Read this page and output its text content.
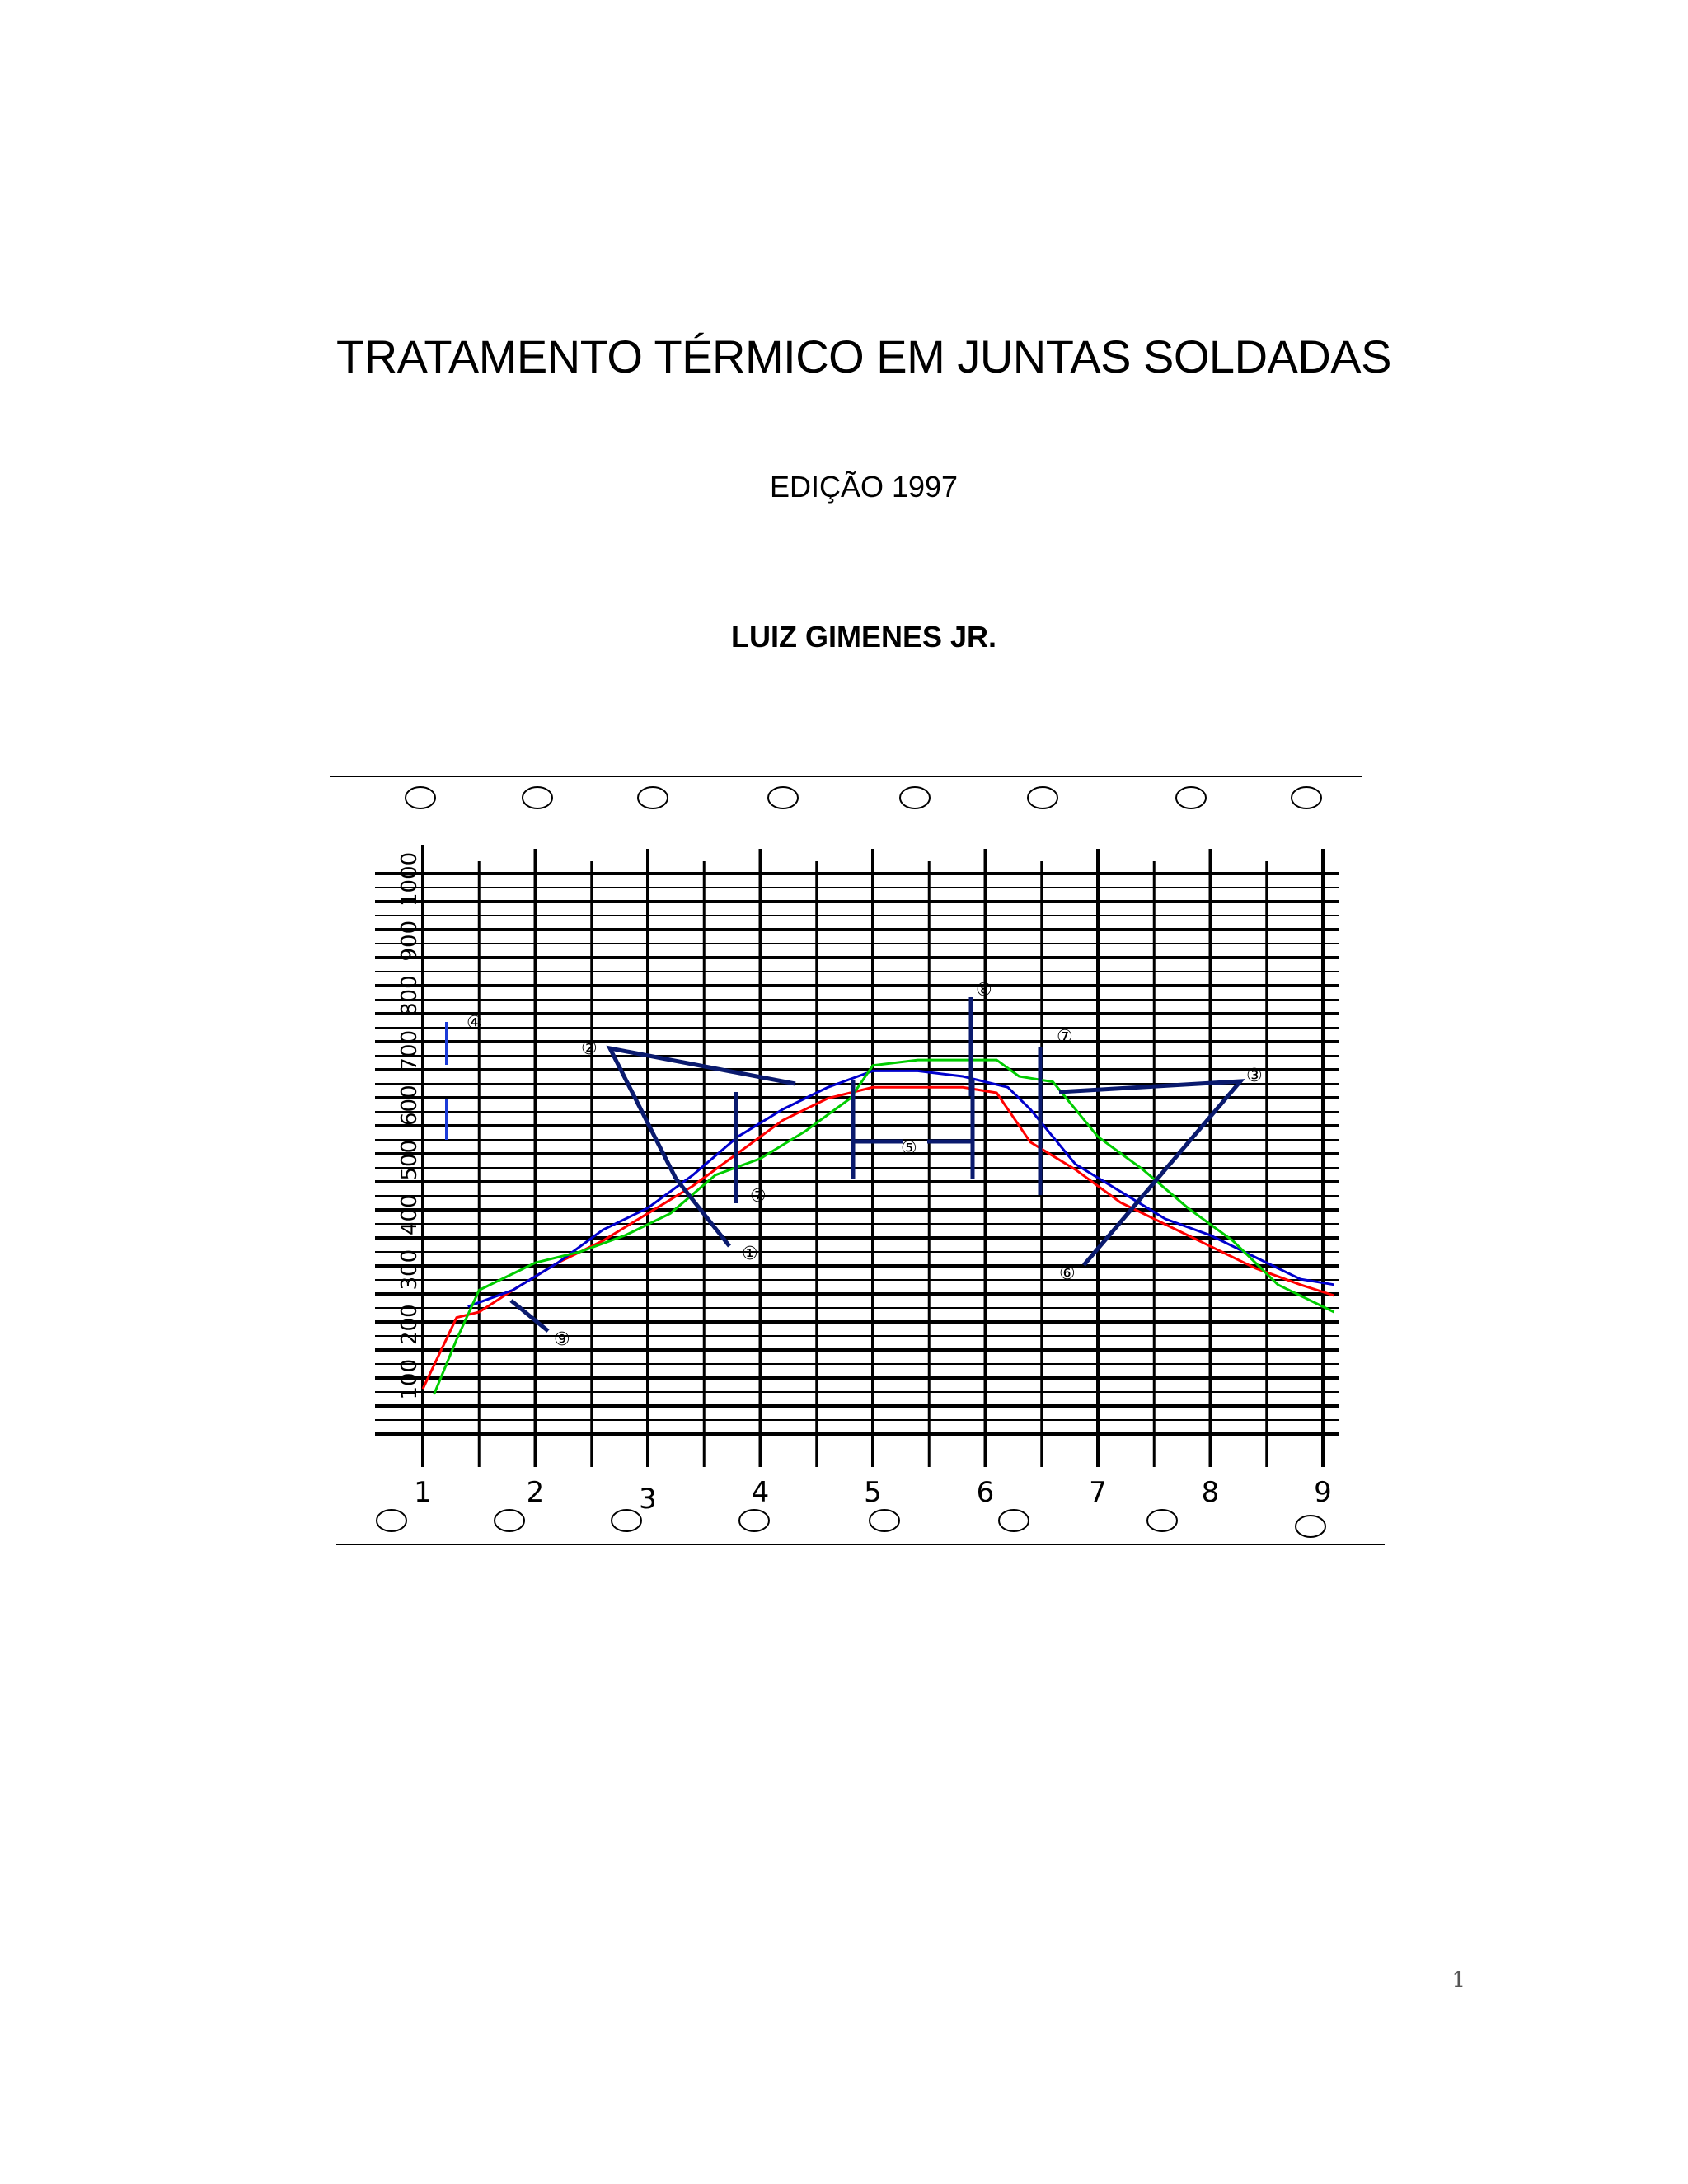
TRATAMENTO TÉRMICO EM JUNTAS SOLDADAS
EDIÇÃO 1997
LUIZ GIMENES JR.
100
200
300
400
500
600
700
800
900
1000
1	2	3	4	5	6	7	8	9
①
②
③
④
⑤
⑥
⑦
⑦
⑧
⑨
1
